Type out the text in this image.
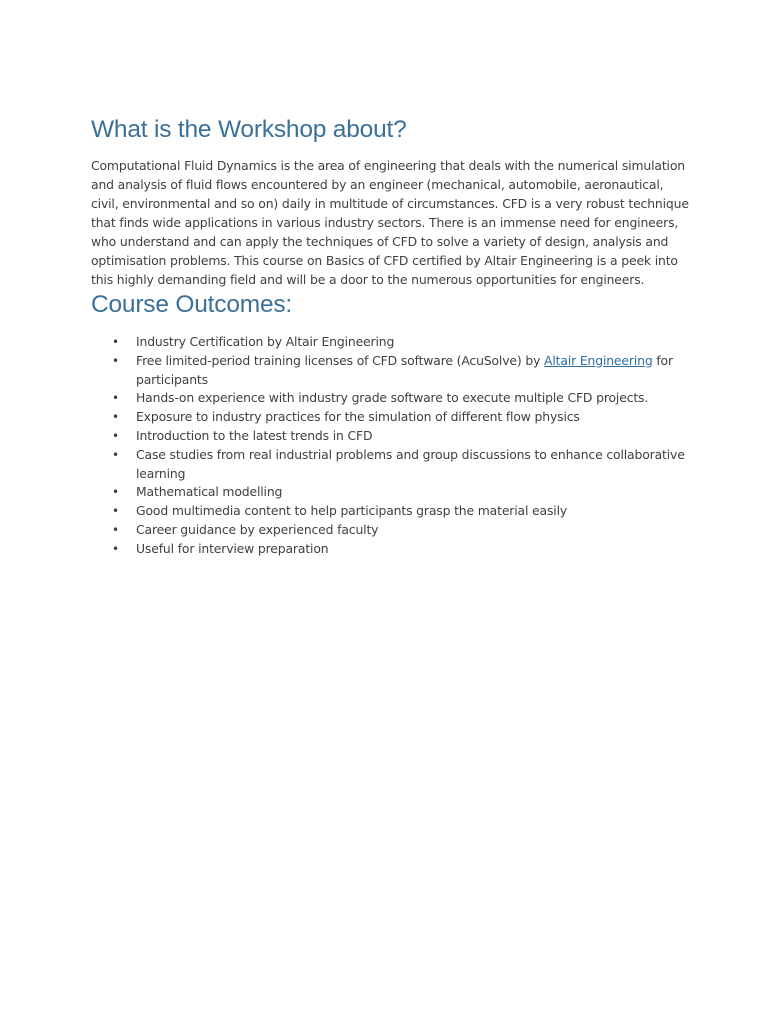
What is the Workshop about?

Computational Fluid Dynamics is the area of engineering that deals with the numerical simulation and analysis of fluid flows encountered by an engineer (mechanical, automobile, aeronautical, civil, environmental and so on) daily in multitude of circumstances. CFD is a very robust technique that finds wide applications in various industry sectors. There is an immense need for engineers, who understand and can apply the techniques of CFD to solve a variety of design, analysis and optimisation problems. This course on Basics of CFD certified by Altair Engineering is a peek into this highly demanding field and will be a door to the numerous opportunities for engineers.

Course Outcomes:
• Industry Certification by Altair Engineering
• Free limited-period training licenses of CFD software (AcuSolve) by Altair Engineering for participants
• Hands-on experience with industry grade software to execute multiple CFD projects.
• Exposure to industry practices for the simulation of different flow physics
• Introduction to the latest trends in CFD
• Case studies from real industrial problems and group discussions to enhance collaborative learning
• Mathematical modelling
• Good multimedia content to help participants grasp the material easily
• Career guidance by experienced faculty
• Useful for interview preparation
